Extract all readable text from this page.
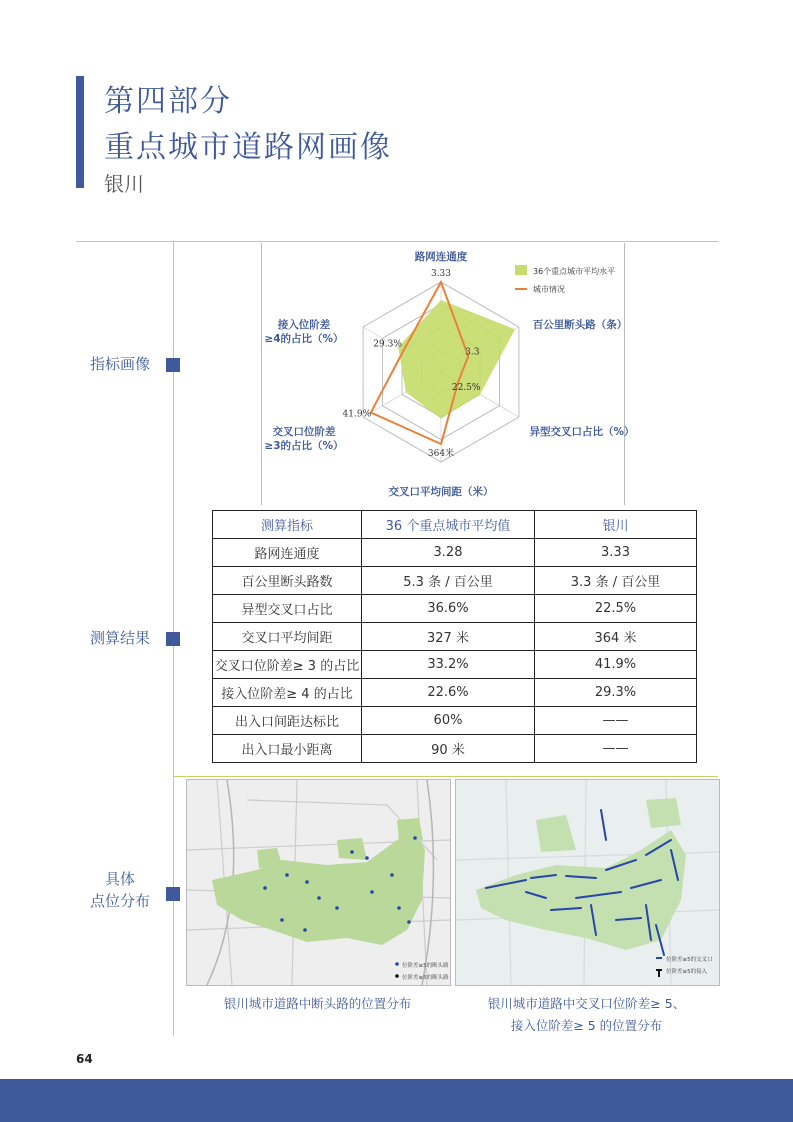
第四部分
重点城市道路网画像
银川
指标画像
测算结果
具体
点位分布
3.33
3.3
22.5%
364米
41.9%
29.3%
路网连通度
百公里断头路（条）
异型交叉口占比（%）
交叉口平均间距（米）
交叉口位阶差
≥3的占比（%）
接入位阶差
≥4的占比（%）
36个重点城市平均水平
城市情况
测算指标	36 个重点城市平均值	银川
路网连通度	3.28	3.33
百公里断头路数	5.3 条 / 百公里	3.3 条 / 百公里
异型交叉口占比	36.6%	22.5%
交叉口平均间距	327 米	364 米
交叉口位阶差≥ 3 的占比	33.2%	41.9%
接入位阶差≥ 4 的占比	22.6%	29.3%
出入口间距达标比	60%	——
出入口最小距离	90 米	——
位阶差≥5的断头路
位阶差≥5的断头路
位阶差≥5的交叉口
位阶差≥5的接入
银川城市道路中断头路的位置分布	银川城市道路中交叉口位阶差≥ 5、
接入位阶差≥ 5 的位置分布
64
